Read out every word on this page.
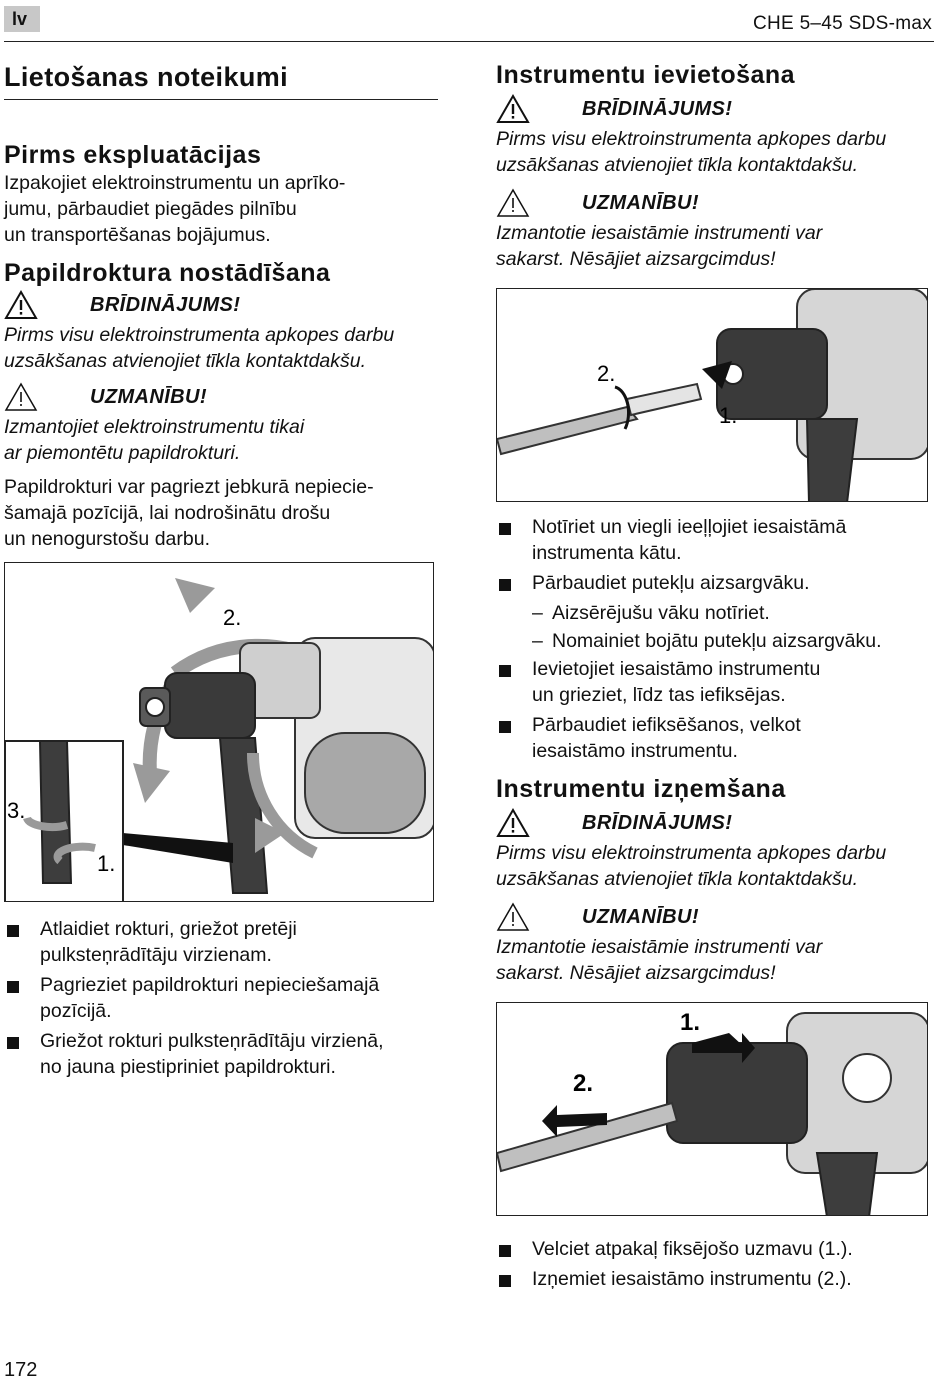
lv	CHE 5–45 SDS-max
Lietošanas noteikumi
Pirms ekspluatācijas

Izpakojiet elektroinstrumentu un aprīko-

jumu, pārbaudiet piegādes pilnību

un transportēšanas bojājumus.

Papildroktura nostādīšana
BRĪDINĀJUMS!

Pirms visu elektroinstrumenta apkopes darbu

uzsākšanas atvienojiet tīkla kontaktdakšu.

UZMANĪBU!

Izmantojiet elektroinstrumentu tikai

ar piemontētu papildrokturi.

Papildrokturi var pagriezt jebkurā nepiecie-

šamajā pozīcijā, lai nodrošinātu drošu

un nenogurstošu darbu.

2.
3.
1.
Atlaidiet rokturi, griežot pretēji
pulksteņrādītāju virzienam.
Pagrieziet papildrokturi nepieciešamajā
pozīcijā.
Griežot rokturi pulksteņrādītāju virzienā,
no jauna piestipriniet papildrokturi.
Instrumentu ievietošana
BRĪDINĀJUMS!

Pirms visu elektroinstrumenta apkopes darbu

uzsākšanas atvienojiet tīkla kontaktdakšu.

UZMANĪBU!

Izmantotie iesaistāmie instrumenti var

sakarst. Nēsājiet aizsargcimdus!

2.
1.
Notīriet un viegli ieeļļojiet iesaistāmā
instrumenta kātu.
Pārbaudiet putekļu aizsargvāku.
– Aizsērējušu vāku notīriet.
– Nomainiet bojātu putekļu aizsargvāku.
Ievietojiet iesaistāmo instrumentu
un grieziet, līdz tas iefiksējas.
Pārbaudiet iefiksēšanos, velkot
iesaistāmo instrumentu.
Instrumentu izņemšana
BRĪDINĀJUMS!

Pirms visu elektroinstrumenta apkopes darbu

uzsākšanas atvienojiet tīkla kontaktdakšu.

UZMANĪBU!

Izmantotie iesaistāmie instrumenti var

sakarst. Nēsājiet aizsargcimdus!

1.
2.
Velciet atpakaļ fiksējošo uzmavu (1.).
Izņemiet iesaistāmo instrumentu (2.).
172
